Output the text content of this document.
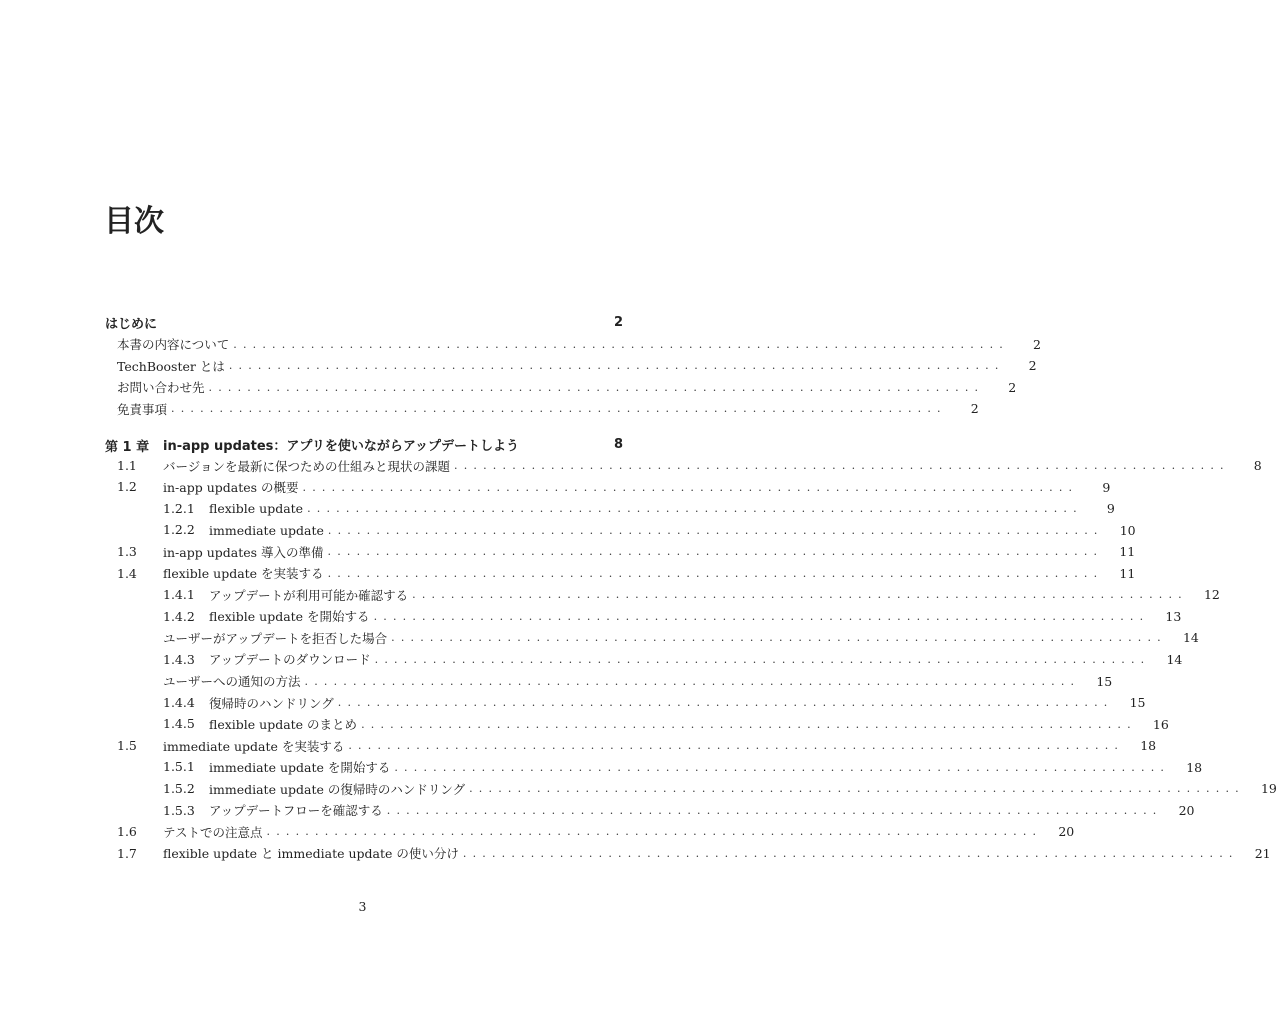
目次
はじめに	2
本書の内容について ................................................................................	2
TechBooster とは ................................................................................	2
お問い合わせ先 ................................................................................	2
免責事項 ................................................................................	2
第 1 章 in-app updates：アプリを使いながらアップデートしよう	8
1.1 バージョンを最新に保つための仕組みと現状の課題 ................................................................................	8
1.2 in-app updates の概要 ................................................................................	9
1.2.1 flexible update ................................................................................	9
1.2.2 immediate update ................................................................................	10
1.3 in-app updates 導入の準備 ................................................................................	11
1.4 flexible update を実装する ................................................................................	11
1.4.1 アップデートが利用可能か確認する ................................................................................	12
1.4.2 flexible update を開始する ................................................................................	13
ユーザーがアップデートを拒否した場合 ................................................................................	14
1.4.3 アップデートのダウンロード ................................................................................	14
ユーザーへの通知の方法 ................................................................................	15
1.4.4 復帰時のハンドリング ................................................................................	15
1.4.5 flexible update のまとめ ................................................................................	16
1.5 immediate update を実装する ................................................................................	18
1.5.1 immediate update を開始する ................................................................................	18
1.5.2 immediate update の復帰時のハンドリング ................................................................................	19
1.5.3 アップデートフローを確認する ................................................................................	20
1.6 テストでの注意点 ................................................................................	20
1.7 flexible update と immediate update の使い分け ................................................................................	21
3
